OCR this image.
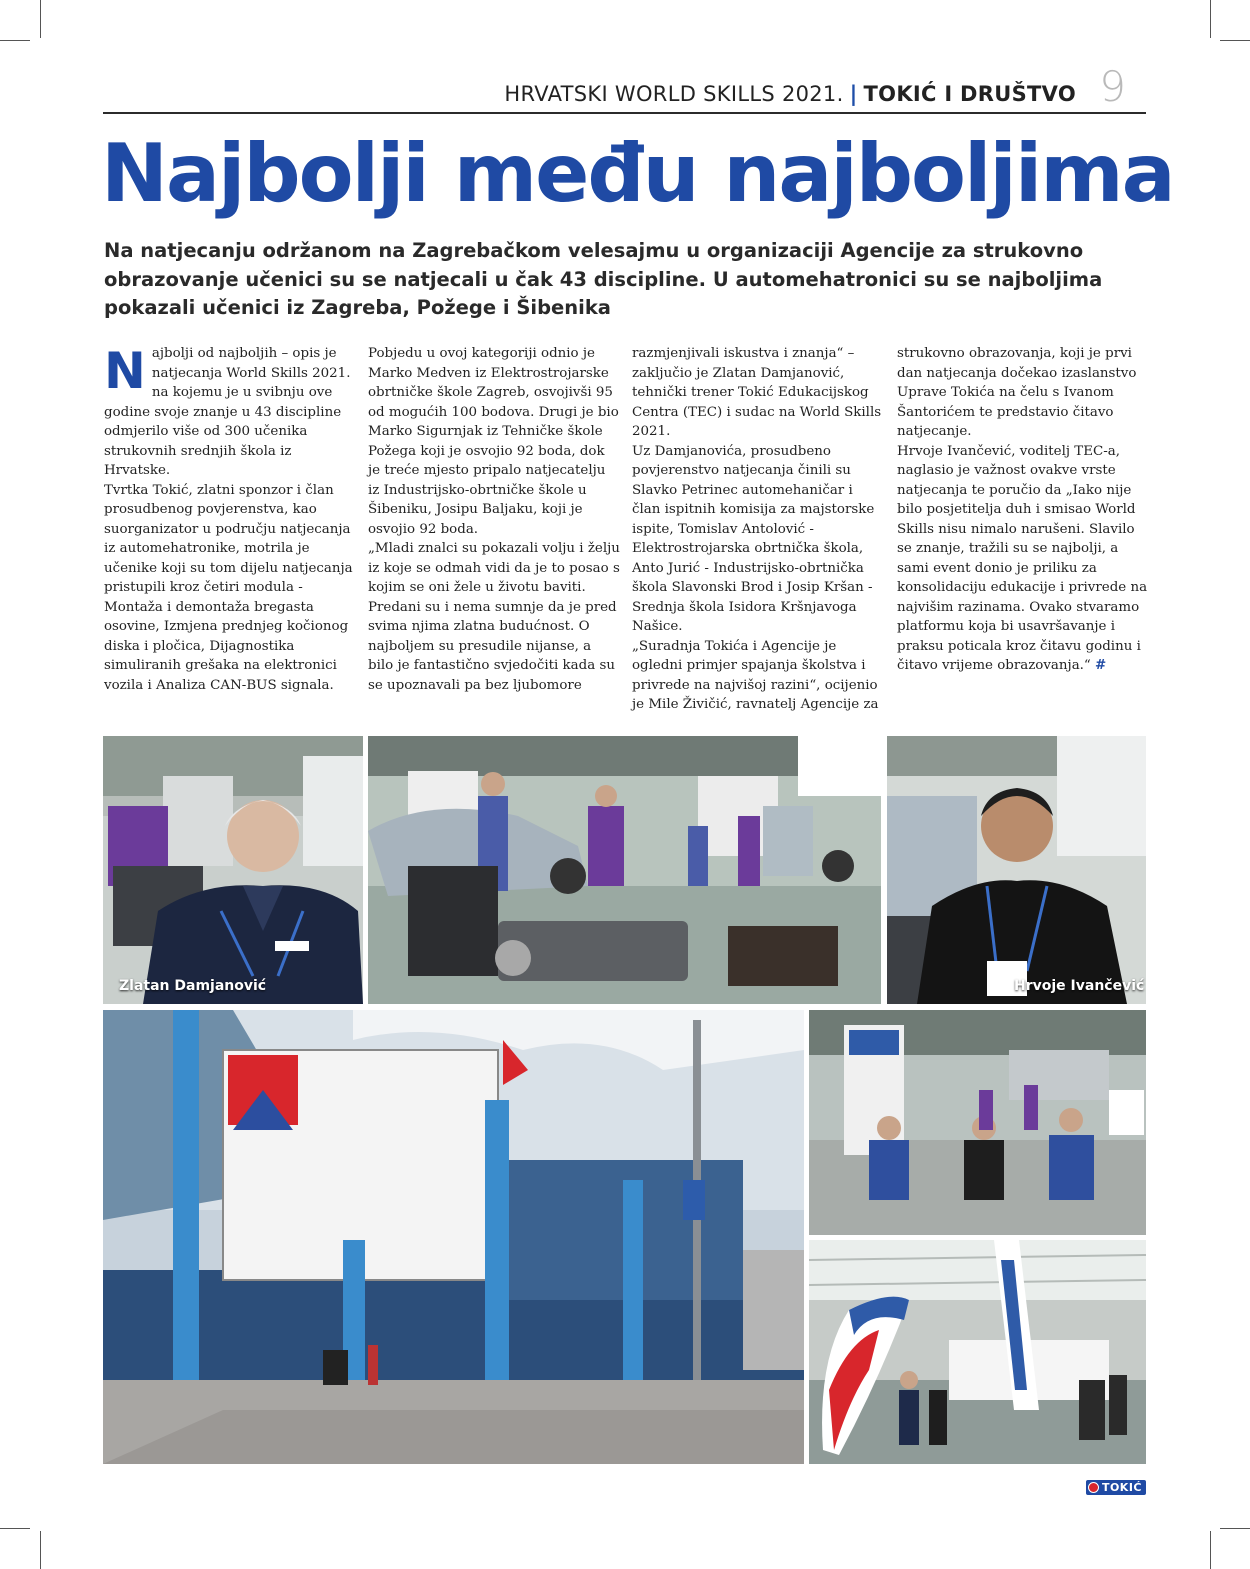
HRVATSKI WORLD SKILLS 2021. | TOKIĆ I DRUŠTVO 9
Najbolji među najboljima
Na natjecanju održanom na Zagrebačkom velesajmu u organizaciji Agencije za strukovno obrazovanje učenici su se natjecali u čak 43 discipline. U automehatronici su se najboljima pokazali učenici iz Zagreba, Požege i Šibenika

Najbolji od najboljih – opis je natjecanja World Skills 2021. na kojemu je u svibnju ove godine svoje znanje u 43 discipline odmjerilo više od 300 učenika strukovnih srednjih škola iz Hrvatske.

Tvrtka Tokić, zlatni sponzor i član prosudbenog povjerenstva, kao suorganizator u području natjecanja iz automehatronike, motrila je učenike koji su tom dijelu natjecanja pristupili kroz četiri modula - Montaža i demontaža bregasta osovine, Izmjena prednjeg kočionog diska i pločica, Dijagnostika simuliranih grešaka na elektronici vozila i Analiza CAN-BUS signala.

Pobjedu u ovoj kategoriji odnio je Marko Medven iz Elektrostrojarske obrtničke škole Zagreb, osvojivši 95 od mogućih 100 bodova. Drugi je bio Marko Sigurnjak iz Tehničke škole Požega koji je osvojio 92 boda, dok je treće mjesto pripalo natjecatelju iz Industrijsko-obrtničke škole u Šibeniku, Josipu Baljaku, koji je osvojio 92 boda.

„Mladi znalci su pokazali volju i želju iz koje se odmah vidi da je to posao s kojim se oni žele u životu baviti. Predani su i nema sumnje da je pred svima njima zlatna budućnost. O najboljem su presudile nijanse, a bilo je fantastično svjedočiti kada su se upoznavali pa bez ljubomore

razmjenjivali iskustva i znanja“ – zaključio je Zlatan Damjanović, tehnički trener Tokić Edukacijskog Centra (TEC) i sudac na World Skills 2021.

Uz Damjanovića, prosudbeno povjerenstvo natjecanja činili su Slavko Petrinec automehaničar i član ispitnih komisija za majstorske ispite, Tomislav Antolović - Elektrostrojarska obrtnička škola, Anto Jurić - Industrijsko-obrtnička škola Slavonski Brod i Josip Kršan - Srednja škola Isidora Kršnjavoga Našice.

„Suradnja Tokića i Agencije je ogledni primjer spajanja školstva i privrede na najvišoj razini“, ocijenio je Mile Živičić, ravnatelj Agencije za

strukovno obrazovanja, koji je prvi dan natjecanja dočekao izaslanstvo Uprave Tokića na čelu s Ivanom Šantorićem te predstavio čitavo natjecanje.

Hrvoje Ivančević, voditelj TEC-a, naglasio je važnost ovakve vrste natjecanja te poručio da „Iako nije bilo posjetitelja duh i smisao World Skills nisu nimalo narušeni. Slavilo se znanje, tražili su se najbolji, a sami event donio je priliku za konsolidaciju edukacije i privrede na najvišim razinama. Ovako stvaramo platformu koja bi usavršavanje i praksu poticala kroz čitavu godinu i čitavo vrijeme obrazovanja.“ #

Zlatan Damjanović	Hrvoje Ivančević
TOKIĆ
